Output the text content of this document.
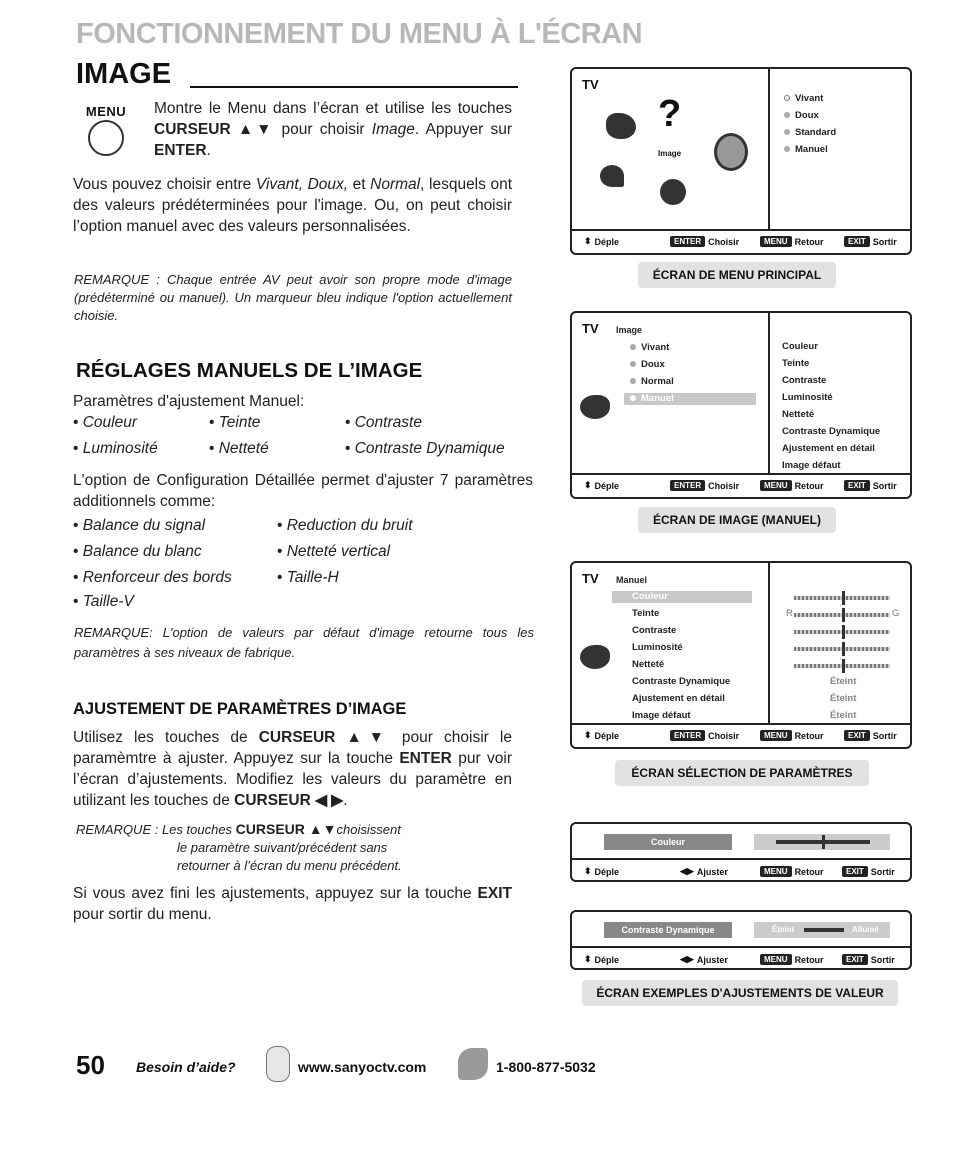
FONCTIONNEMENT DU MENU À L'ÉCRAN
IMAGE
MENU Montre le Menu dans l’écran et utilise les touches CURSEUR ▲▼ pour choisir Image. Appuyer sur ENTER.
Vous pouvez choisir entre Vivant, Doux, et Normal, lesquels ont des valeurs prédéterminées pour l'image. Ou, on peut choisir l’option manuel avec des valeurs personnalisées.
REMARQUE : Chaque entrée AV peut avoir son propre mode d'image (prédéterminé ou manuel). Un marqueur bleu indique l'option actuellement choisie.
RÉGLAGES MANUELS DE L’IMAGE
Paramètres d'ajustement Manuel:
• Couleur	• Teinte	• Contraste
• Luminosité	• Netteté	• Contraste Dynamique
L'option de Configuration Détaillée permet d'ajuster 7 paramètres additionnels comme:
• Balance du signal	• Reduction du bruit
• Balance du blanc	• Netteté vertical
• Renforceur des bords	• Taille-H
• Taille-V
REMARQUE: L'option de valeurs par défaut d'image retourne tous les paramètres à ses niveaux de fabrique.
AJUSTEMENT DE PARAMÈTRES D’IMAGE
Utilisez les touches de CURSEUR ▲▼ pour choisir le paramèmtre à ajuster. Appuyez sur la touche ENTER pur voir l’écran d’ajustements. Modifiez les valeurs du paramètre en utilizant les touches de CURSEUR ◀ ▶.
REMARQUE : Les touches CURSEUR ▲▼choisissent
le paramètre suivant/précédent sans
retourner à l’écran du menu précédent.
Si vous avez fini les ajustements, appuyez sur la touche EXIT pour sortir du menu.
TV
?
Image
Vivant
Doux
Standard
Manuel
⬍ Déple	ENTER Choisir	MENU Retour	EXIT Sortir
ÉCRAN DE MENU PRINCIPAL
TV Image
Vivant
Doux
Normal
Manuel
Couleur
Teinte
Contraste
Luminosité
Netteté
Contraste Dynamique
Ajustement en détail
Image défaut
⬍ Déple	ENTER Choisir	MENU Retour	EXIT Sortir
ÉCRAN DE IMAGE (MANUEL)
TV Manuel
Couleur
Teinte
Contraste
Luminosité
Netteté
Contraste Dynamique
Ajustement en détail
Image défaut
R	G
Éteint
Éteint
Éteint
⬍ Déple	ENTER Choisir	MENU Retour	EXIT Sortir
ÉCRAN SÉLECTION DE PARAMÈTRES
Couleur
⬍ Déple	◀▶ Ajuster	MENU Retour	EXIT Sortir
Contraste Dynamique	Éteint	Allumé
⬍ Déple	◀▶ Ajuster	MENU Retour	EXIT Sortir
ÉCRAN EXEMPLES D'AJUSTEMENTS DE VALEUR
50 Besoin d’aide?	www.sanyoctv.com	1-800-877-5032
